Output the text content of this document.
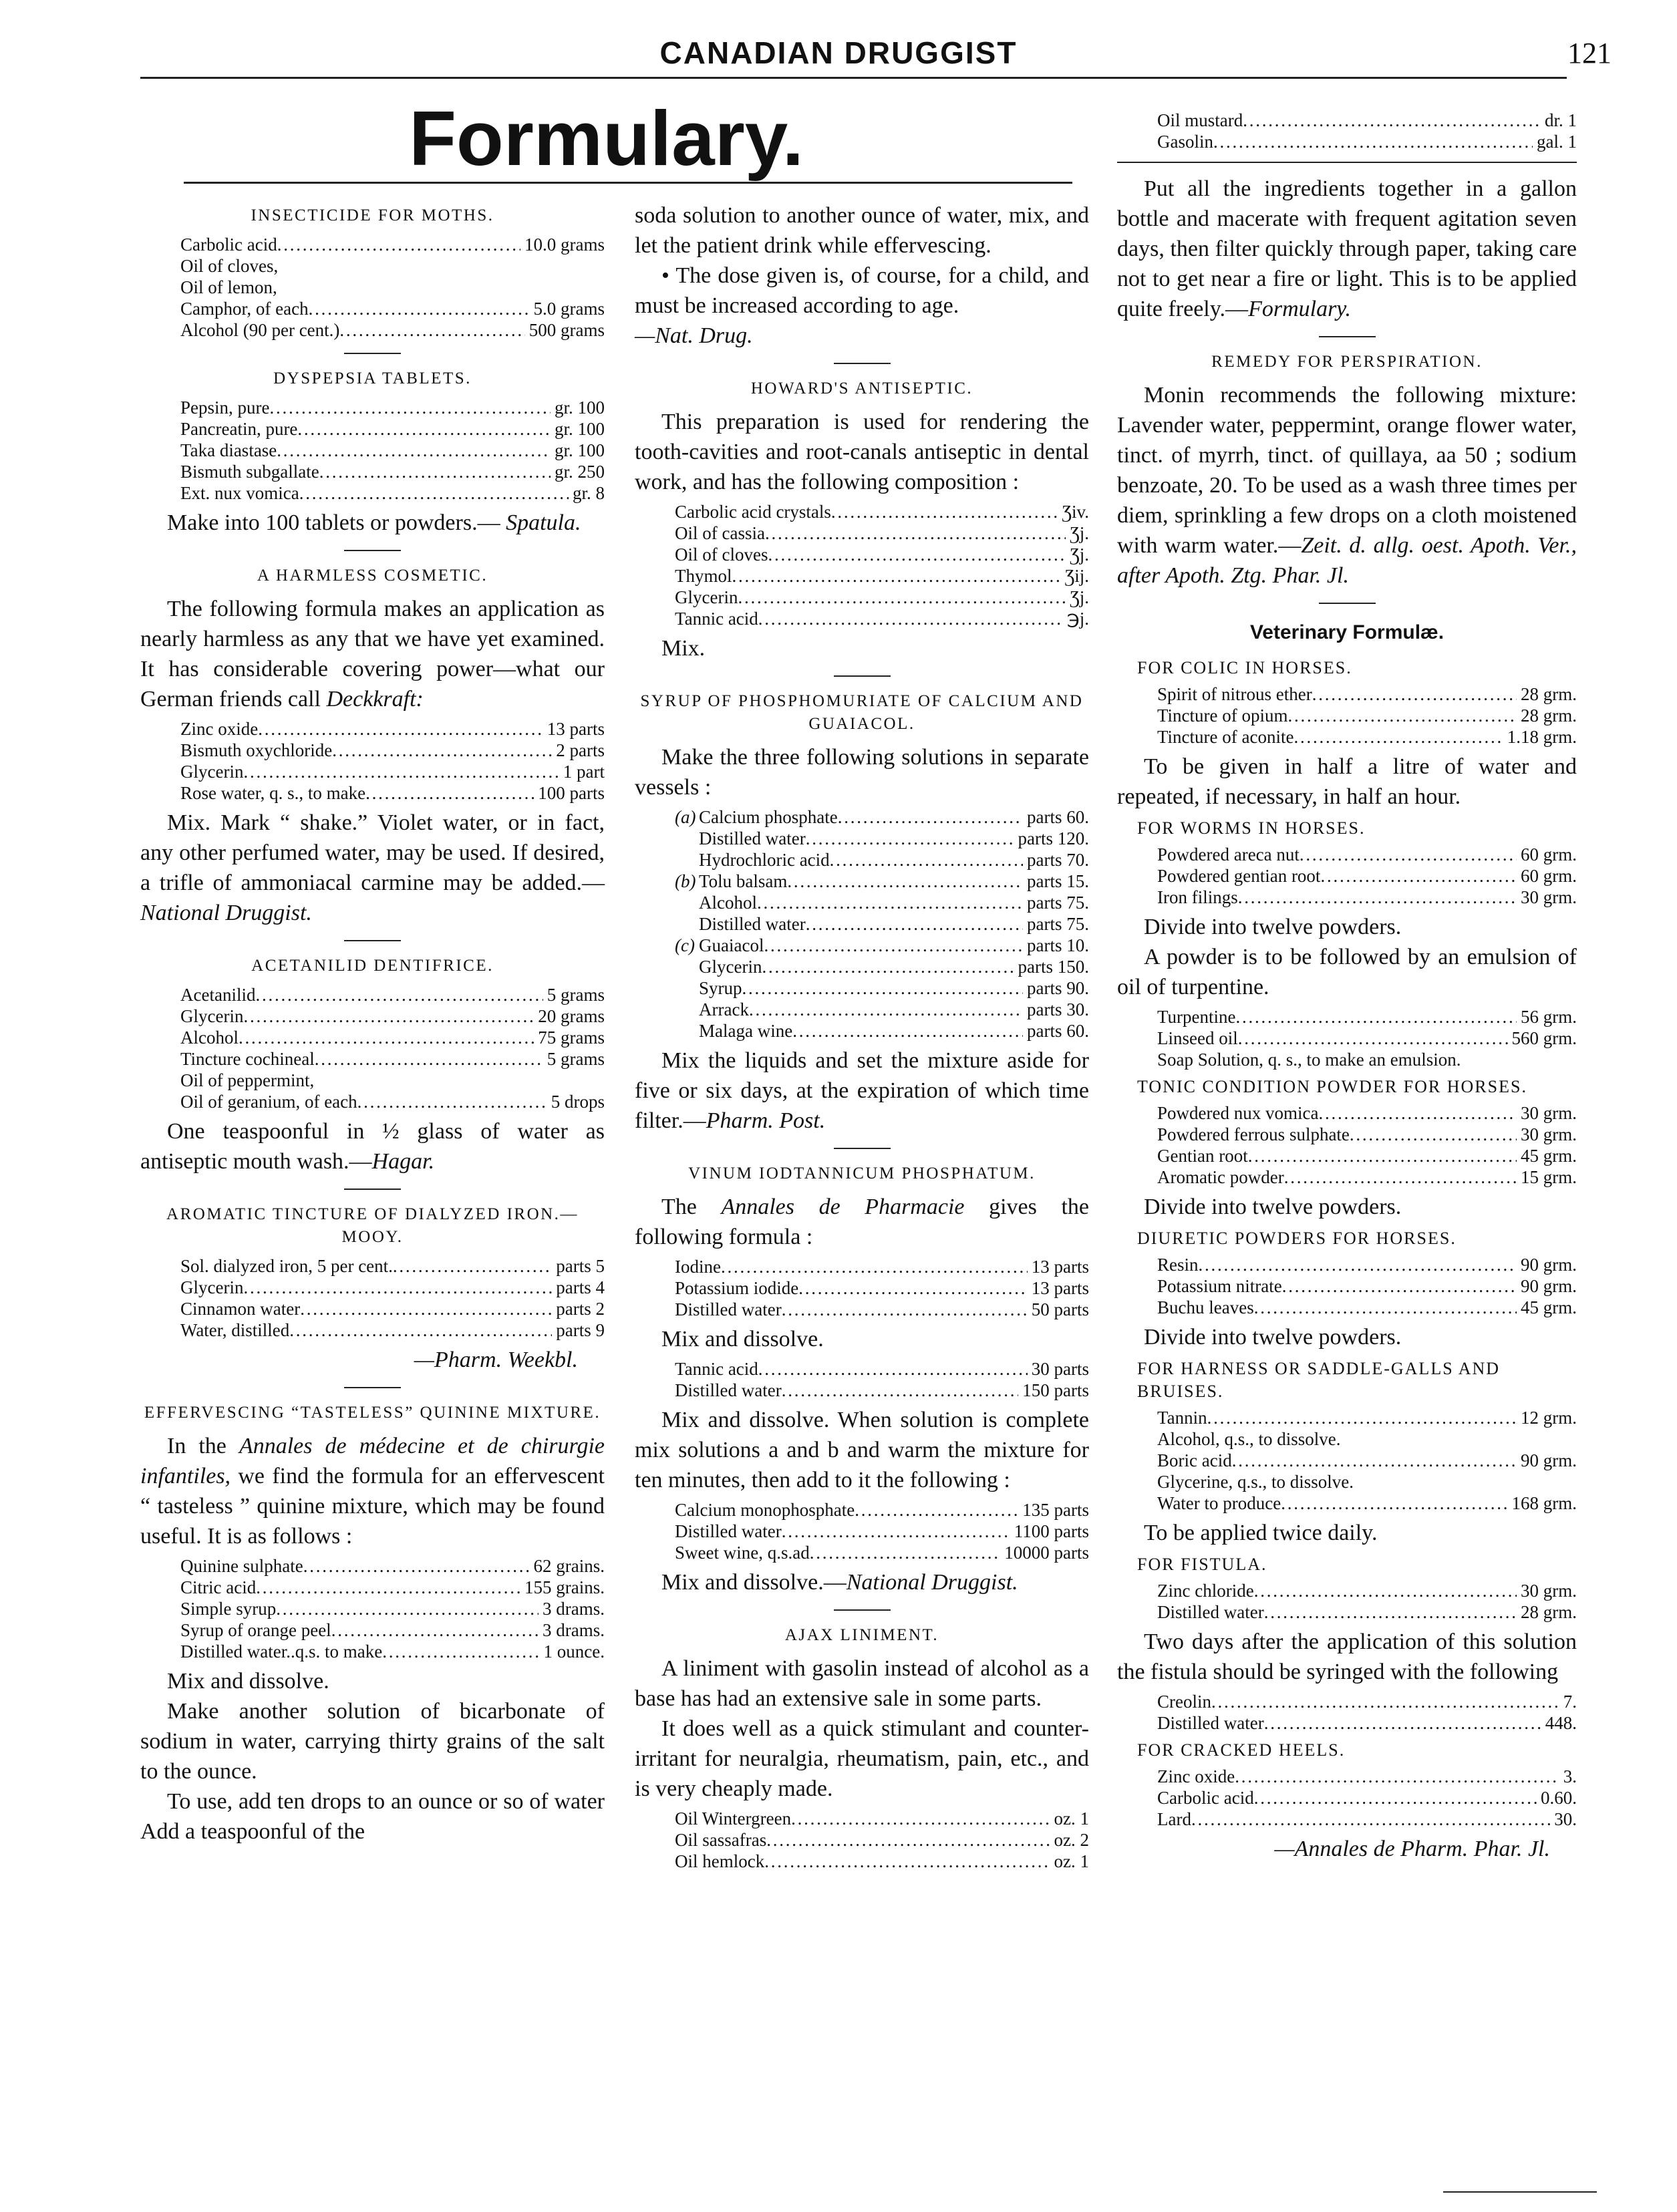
CANADIAN DRUGGIST	121
Formulary.
INSECTICIDE FOR MOTHS.
Carbolic acid . . .	10.0 grams
Oil of cloves,
Oil of lemon,
Camphor, of each . . .	5.0 grams
Alcohol (90 per cent.) . . .	500 grams
DYSPEPSIA TABLETS.
Pepsin, pure . . .	gr. 100
Pancreatin, pure . . .	gr. 100
Taka diastase . . .	gr. 100
Bismuth subgallate . . .	gr. 250
Ext. nux vomica . . .	gr. 8

Make into 100 tablets or powders.— Spatula.

A HARMLESS COSMETIC.

The following formula makes an application as nearly harmless as any that we have yet examined. It has considerable covering power—what our German friends call Deckkraft:

Zinc oxide . . .	13 parts
Bismuth oxychloride . . .	2 parts
Glycerin . . .	1 part
Rose water, q. s., to make . . .	100 parts

Mix. Mark “ shake.” Violet water, or in fact, any other perfumed water, may be used. If desired, a trifle of ammoniacal carmine may be added.—National Druggist.

ACETANILID DENTIFRICE.
Acetanilid . . .	5 grams
Glycerin . . .	20 grams
Alcohol . . .	75 grams
Tincture cochineal . . .	5 grams
Oil of peppermint,
Oil of geranium, of each . . .	5 drops

One teaspoonful in ½ glass of water as antiseptic mouth wash.—Hagar.

AROMATIC TINCTURE OF DIALYZED IRON.—MOOY.
Sol. dialyzed iron, 5 per cent. . . .	parts 5
Glycerin . . .	parts 4
Cinnamon water . . .	parts 2
Water, distilled . . .	parts 9
—Pharm. Weekbl.
EFFERVESCING “TASTELESS” QUININE MIXTURE.

In the Annales de médecine et de chirurgie infantiles, we find the formula for an effervescent “ tasteless ” quinine mixture, which may be found useful. It is as follows :

Quinine sulphate . . .	62 grains.
Citric acid . . .	155 grains.
Simple syrup . . .	3 drams.
Syrup of orange peel . . .	3 drams.
Distilled water..q.s. to make . . .	1 ounce.

Mix and dissolve.

Make another solution of bicarbonate of sodium in water, carrying thirty grains of the salt to the ounce.

To use, add ten drops to an ounce or so of water Add a teaspoonful of the

soda solution to another ounce of water, mix, and let the patient drink while effervescing.

• The dose given is, of course, for a child, and must be increased according to age.

—Nat. Drug.

HOWARD'S ANTISEPTIC.

This preparation is used for rendering the tooth-cavities and root-canals antiseptic in dental work, and has the following composition :

Carbolic acid crystals . . .	Ʒiv.
Oil of cassia . . .	Ʒj.
Oil of cloves . . .	Ʒj.
Thymol . . .	Ʒij.
Glycerin . . .	Ʒj.
Tannic acid . . .	℈j.

Mix.

SYRUP OF PHOSPHOMURIATE OF CALCIUM AND GUAIACOL.

Make the three following solutions in separate vessels :

(a) Calcium phosphate . . .	parts 60.
Distilled water . . .	parts 120.
Hydrochloric acid . . .	parts 70.
(b) Tolu balsam . . .	parts 15.
Alcohol . . .	parts 75.
Distilled water . . .	parts 75.
(c) Guaiacol . . .	parts 10.
Glycerin . . .	parts 150.
Syrup . . .	parts 90.
Arrack . . .	parts 30.
Malaga wine . . .	parts 60.

Mix the liquids and set the mixture aside for five or six days, at the expiration of which time filter.—Pharm. Post.

VINUM IODTANNICUM PHOSPHATUM.

The Annales de Pharmacie gives the following formula :

Iodine . . .	13 parts
Potassium iodide . . .	13 parts
Distilled water . . .	50 parts

Mix and dissolve.

Tannic acid . . .	30 parts
Distilled water . . .	150 parts

Mix and dissolve. When solution is complete mix solutions a and b and warm the mixture for ten minutes, then add to it the following :

Calcium monophosphate . . .	135 parts
Distilled water . . .	1100 parts
Sweet wine, q.s.ad . . .	10000 parts

Mix and dissolve.—National Druggist.

AJAX LINIMENT.

A liniment with gasolin instead of alcohol as a base has had an extensive sale in some parts.

It does well as a quick stimulant and counter-irritant for neuralgia, rheumatism, pain, etc., and is very cheaply made.

Oil Wintergreen . . .	oz. 1
Oil sassafras . . .	oz. 2
Oil hemlock . . .	oz. 1
Oil mustard . . .	dr. 1
Gasolin . . .	gal. 1

Put all the ingredients together in a gallon bottle and macerate with frequent agitation seven days, then filter quickly through paper, taking care not to get near a fire or light. This is to be applied quite freely.—Formulary.

REMEDY FOR PERSPIRATION.

Monin recommends the following mixture: Lavender water, peppermint, orange flower water, tinct. of myrrh, tinct. of quillaya, aa 50 ; sodium benzoate, 20. To be used as a wash three times per diem, sprinkling a few drops on a cloth moistened with warm water.—Zeit. d. allg. oest. Apoth. Ver., after Apoth. Ztg. Phar. Jl.

Veterinary Formulæ.
FOR COLIC IN HORSES.
Spirit of nitrous ether . . .	28 grm.
Tincture of opium . . .	28 grm.
Tincture of aconite . . .	1.18 grm.

To be given in half a litre of water and repeated, if necessary, in half an hour.

FOR WORMS IN HORSES.
Powdered areca nut . . .	60 grm.
Powdered gentian root . . .	60 grm.
Iron filings . . .	30 grm.

Divide into twelve powders.

A powder is to be followed by an emulsion of oil of turpentine.

Turpentine . . .	56 grm.
Linseed oil . . .	560 grm.
Soap Solution, q. s., to make an emulsion.
TONIC CONDITION POWDER FOR HORSES.
Powdered nux vomica . . .	30 grm.
Powdered ferrous sulphate . . .	30 grm.
Gentian root . . .	45 grm.
Aromatic powder . . .	15 grm.

Divide into twelve powders.

DIURETIC POWDERS FOR HORSES.
Resin . . .	90 grm.
Potassium nitrate . . .	90 grm.
Buchu leaves . . .	45 grm.

Divide into twelve powders.

FOR HARNESS OR SADDLE-GALLS AND BRUISES.
Tannin . . .	12 grm.
Alcohol, q.s., to dissolve.
Boric acid . . .	90 grm.
Glycerine, q.s., to dissolve.
Water to produce . . .	168 grm.

To be applied twice daily.

FOR FISTULA.
Zinc chloride . . .	30 grm.
Distilled water . . .	28 grm.

Two days after the application of this solution the fistula should be syringed with the following

Creolin . . .	7.
Distilled water . . .	448.
FOR CRACKED HEELS.
Zinc oxide . . .	3.
Carbolic acid . . .	0.60.
Lard . . .	30.
—Annales de Pharm. Phar. Jl.
